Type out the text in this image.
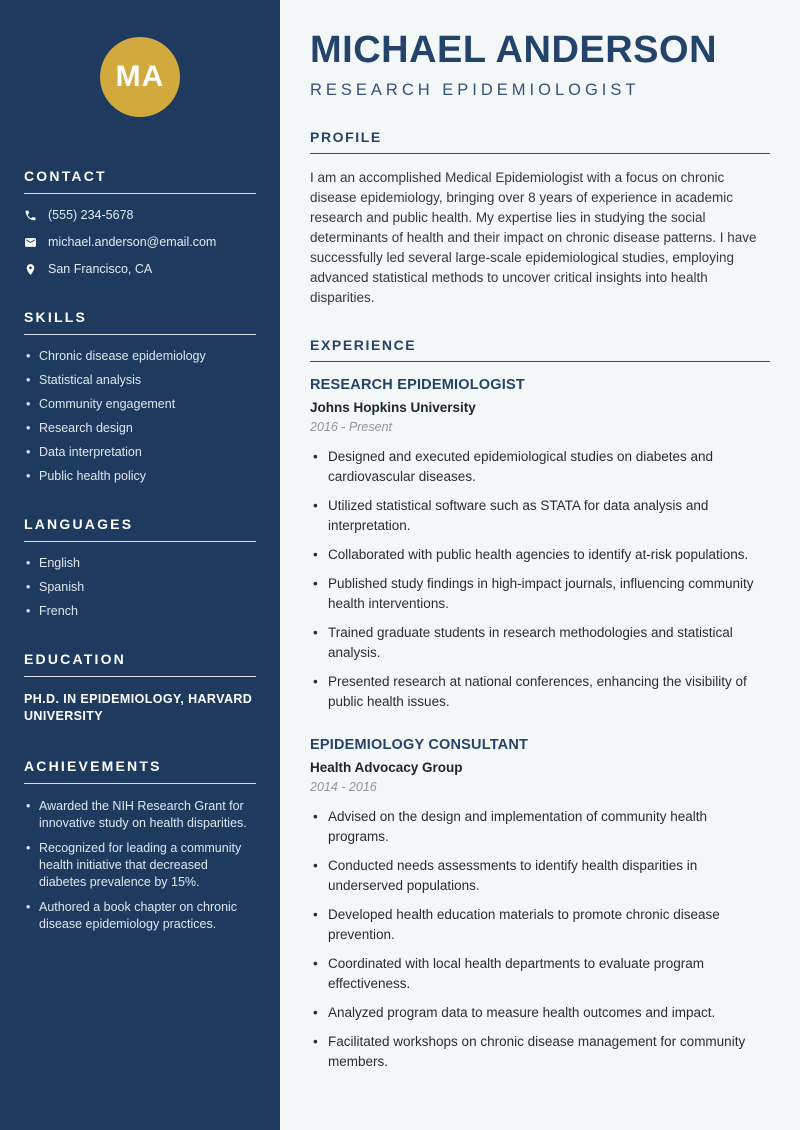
MA
CONTACT
(555) 234-5678
michael.anderson@email.com
San Francisco, CA
SKILLS
• Chronic disease epidemiology
• Statistical analysis
• Community engagement
• Research design
• Data interpretation
• Public health policy
LANGUAGES
• English
• Spanish
• French
EDUCATION

PH.D. IN EPIDEMIOLOGY, HARVARD UNIVERSITY

ACHIEVEMENTS
• Awarded the NIH Research Grant for innovative study on health disparities.
• Recognized for leading a community health initiative that decreased diabetes prevalence by 15%.
• Authored a book chapter on chronic disease epidemiology practices.
MICHAEL ANDERSON
RESEARCH EPIDEMIOLOGIST
PROFILE

I am an accomplished Medical Epidemiologist with a focus on chronic disease epidemiology, bringing over 8 years of experience in academic research and public health. My expertise lies in studying the social determinants of health and their impact on chronic disease patterns. I have successfully led several large-scale epidemiological studies, employing advanced statistical methods to uncover critical insights into health disparities.

EXPERIENCE
RESEARCH EPIDEMIOLOGIST
Johns Hopkins University
2016 - Present
• Designed and executed epidemiological studies on diabetes and cardiovascular diseases.
• Utilized statistical software such as STATA for data analysis and interpretation.
• Collaborated with public health agencies to identify at-risk populations.
• Published study findings in high-impact journals, influencing community health interventions.
• Trained graduate students in research methodologies and statistical analysis.
• Presented research at national conferences, enhancing the visibility of public health issues.
EPIDEMIOLOGY CONSULTANT
Health Advocacy Group
2014 - 2016
• Advised on the design and implementation of community health programs.
• Conducted needs assessments to identify health disparities in underserved populations.
• Developed health education materials to promote chronic disease prevention.
• Coordinated with local health departments to evaluate program effectiveness.
• Analyzed program data to measure health outcomes and impact.
• Facilitated workshops on chronic disease management for community members.
